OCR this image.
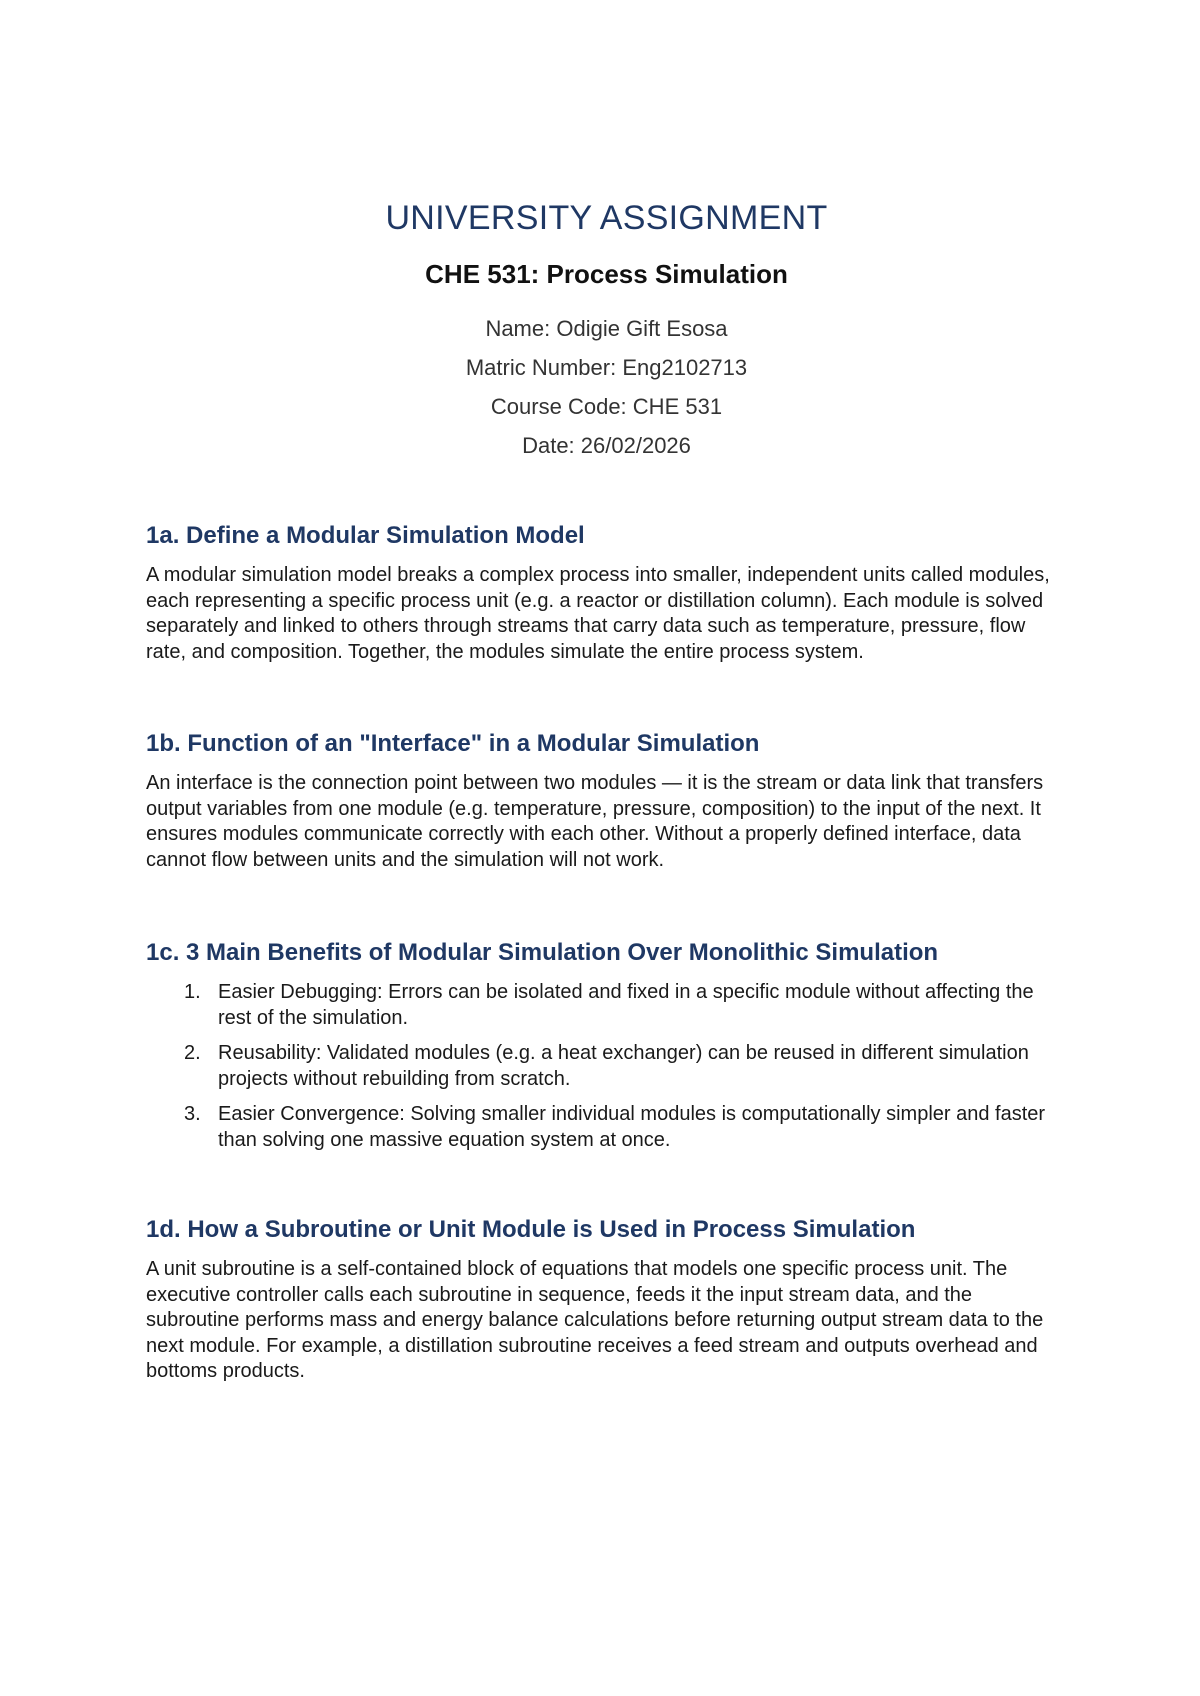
UNIVERSITY ASSIGNMENT
CHE 531: Process Simulation
Name: Odigie Gift Esosa
Matric Number: Eng2102713
Course Code: CHE 531
Date: 26/02/2026
1a. Define a Modular Simulation Model

A modular simulation model breaks a complex process into smaller, independent units called modules, each representing a specific process unit (e.g. a reactor or distillation column). Each module is solved separately and linked to others through streams that carry data such as temperature, pressure, flow rate, and composition. Together, the modules simulate the entire process system.

1b. Function of an "Interface" in a Modular Simulation

An interface is the connection point between two modules — it is the stream or data link that transfers output variables from one module (e.g. temperature, pressure, composition) to the input of the next. It ensures modules communicate correctly with each other. Without a properly defined interface, data cannot flow between units and the simulation will not work.

1c. 3 Main Benefits of Modular Simulation Over Monolithic Simulation
1. Easier Debugging: Errors can be isolated and fixed in a specific module without affecting the rest of the simulation.
2. Reusability: Validated modules (e.g. a heat exchanger) can be reused in different simulation projects without rebuilding from scratch.
3. Easier Convergence: Solving smaller individual modules is computationally simpler and faster than solving one massive equation system at once.
1d. How a Subroutine or Unit Module is Used in Process Simulation

A unit subroutine is a self-contained block of equations that models one specific process unit. The executive controller calls each subroutine in sequence, feeds it the input stream data, and the subroutine performs mass and energy balance calculations before returning output stream data to the next module. For example, a distillation subroutine receives a feed stream and outputs overhead and bottoms products.
